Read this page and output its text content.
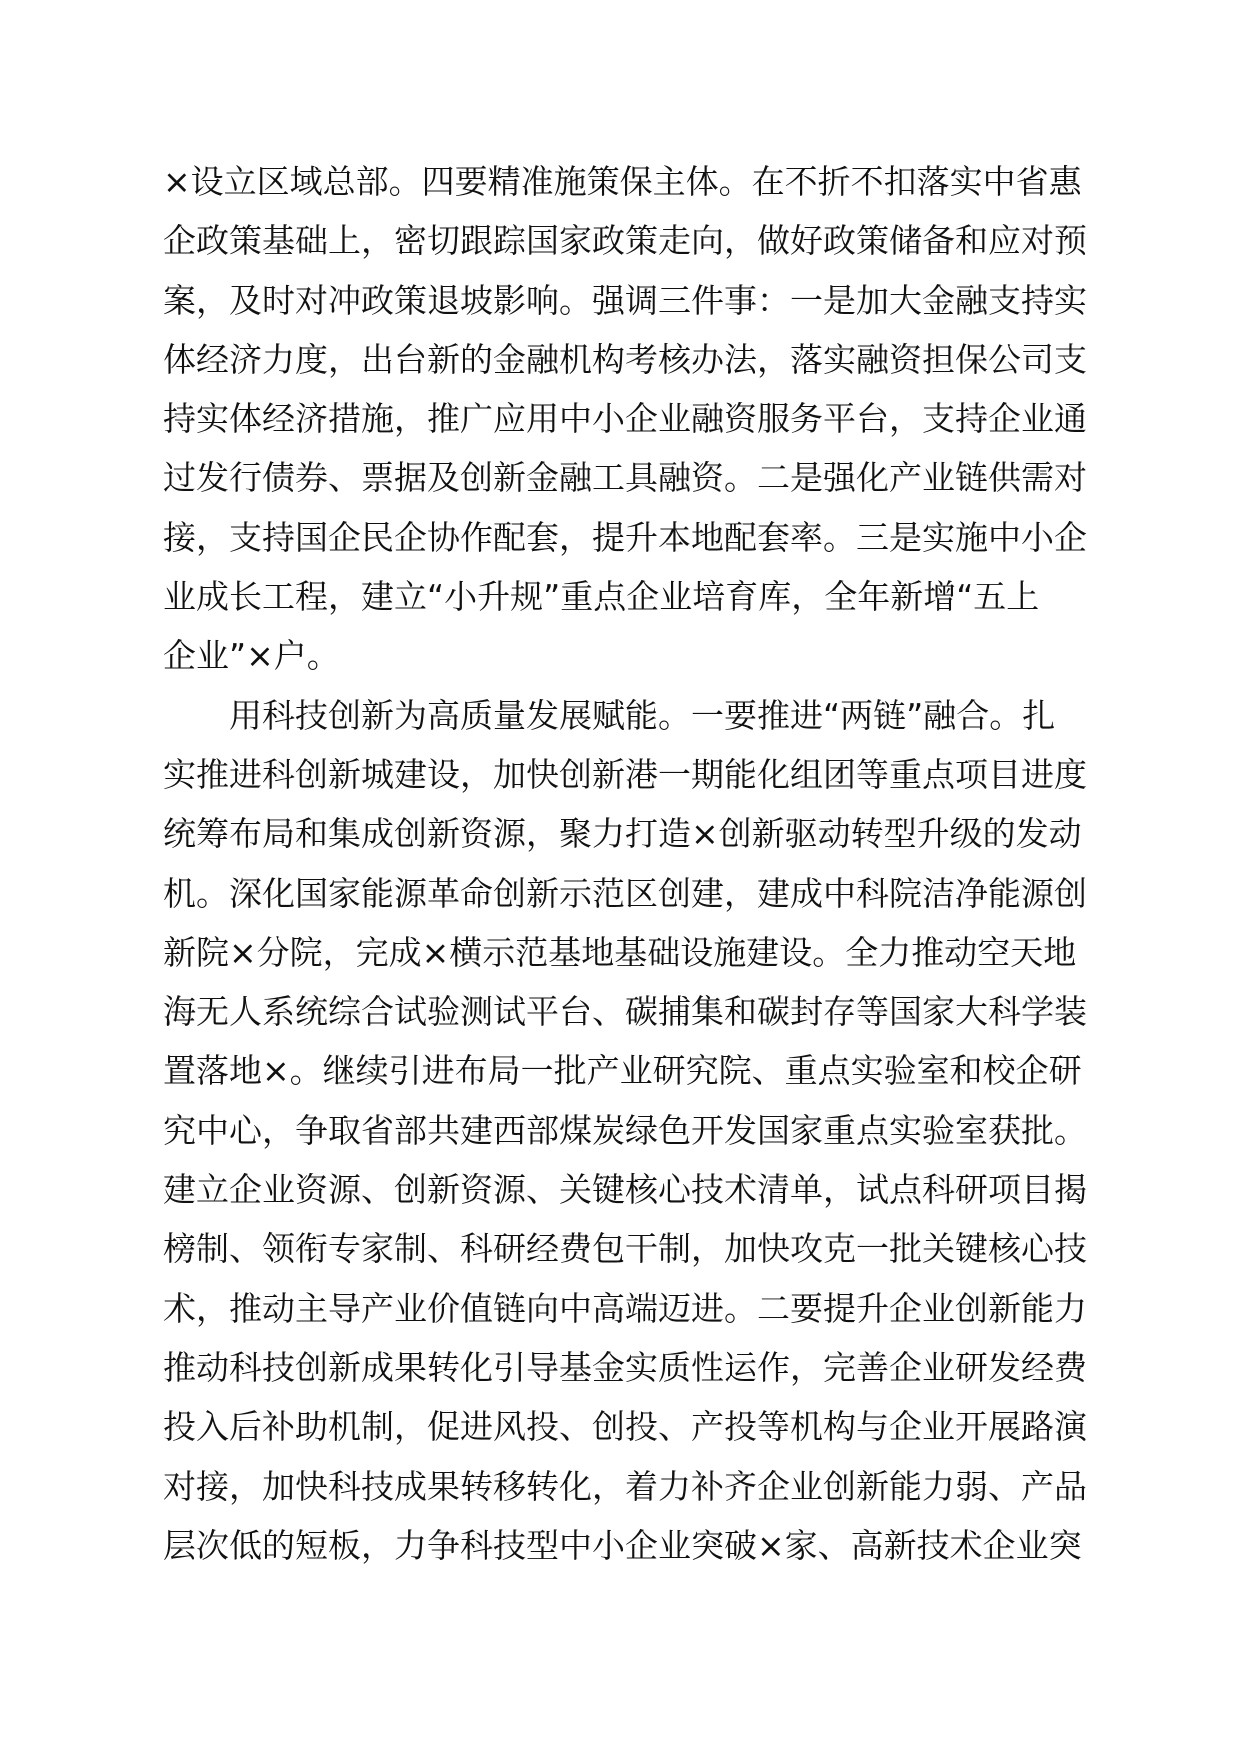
×设立区域总部。四要精准施策保主体。在不折不扣落实中省惠
企政策基础上，密切跟踪国家政策走向，做好政策储备和应对预
案，及时对冲政策退坡影响。强调三件事：一是加大金融支持实
体经济力度，出台新的金融机构考核办法，落实融资担保公司支
持实体经济措施，推广应用中小企业融资服务平台，支持企业通
过发行债券、票据及创新金融工具融资。二是强化产业链供需对
接，支持国企民企协作配套，提升本地配套率。三是实施中小企
业成长工程，建立“小升规”重点企业培育库，全年新增“五上
企业”×户。
　　用科技创新为高质量发展赋能。一要推进“两链”融合。扎
实推进科创新城建设，加快创新港一期能化组团等重点项目进度
统筹布局和集成创新资源，聚力打造×创新驱动转型升级的发动
机。深化国家能源革命创新示范区创建，建成中科院洁净能源创
新院×分院，完成×横示范基地基础设施建设。全力推动空天地
海无人系统综合试验测试平台、碳捕集和碳封存等国家大科学装
置落地×。继续引进布局一批产业研究院、重点实验室和校企研
究中心，争取省部共建西部煤炭绿色开发国家重点实验室获批。
建立企业资源、创新资源、关键核心技术清单，试点科研项目揭
榜制、领衔专家制、科研经费包干制，加快攻克一批关键核心技
术，推动主导产业价值链向中高端迈进。二要提升企业创新能力
推动科技创新成果转化引导基金实质性运作，完善企业研发经费
投入后补助机制，促进风投、创投、产投等机构与企业开展路演
对接，加快科技成果转移转化，着力补齐企业创新能力弱、产品
层次低的短板，力争科技型中小企业突破×家、高新技术企业突
